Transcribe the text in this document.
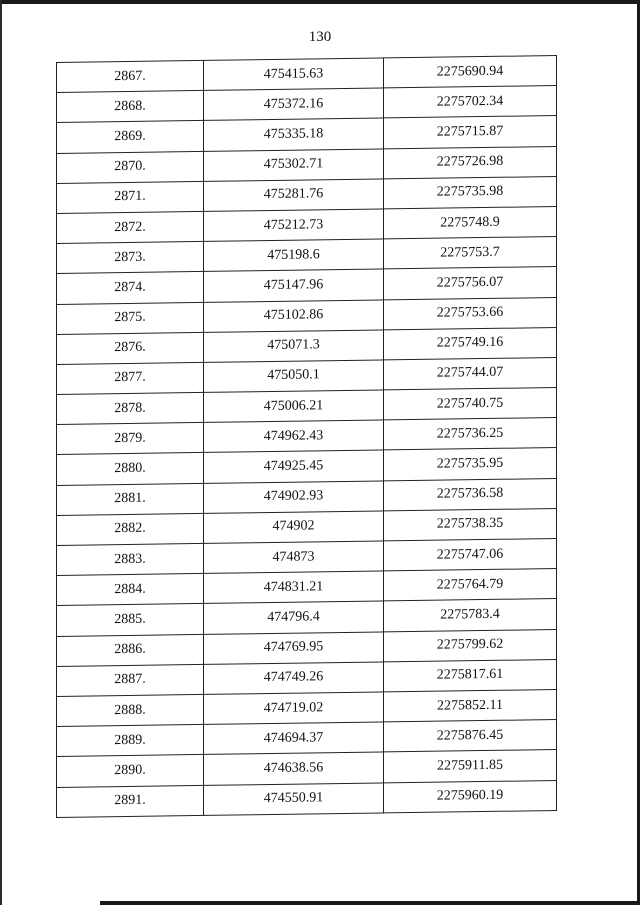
130
2867.	475415.63	2275690.94
2868.	475372.16	2275702.34
2869.	475335.18	2275715.87
2870.	475302.71	2275726.98
2871.	475281.76	2275735.98
2872.	475212.73	2275748.9
2873.	475198.6	2275753.7
2874.	475147.96	2275756.07
2875.	475102.86	2275753.66
2876.	475071.3	2275749.16
2877.	475050.1	2275744.07
2878.	475006.21	2275740.75
2879.	474962.43	2275736.25
2880.	474925.45	2275735.95
2881.	474902.93	2275736.58
2882.	474902	2275738.35
2883.	474873	2275747.06
2884.	474831.21	2275764.79
2885.	474796.4	2275783.4
2886.	474769.95	2275799.62
2887.	474749.26	2275817.61
2888.	474719.02	2275852.11
2889.	474694.37	2275876.45
2890.	474638.56	2275911.85
2891.	474550.91	2275960.19
